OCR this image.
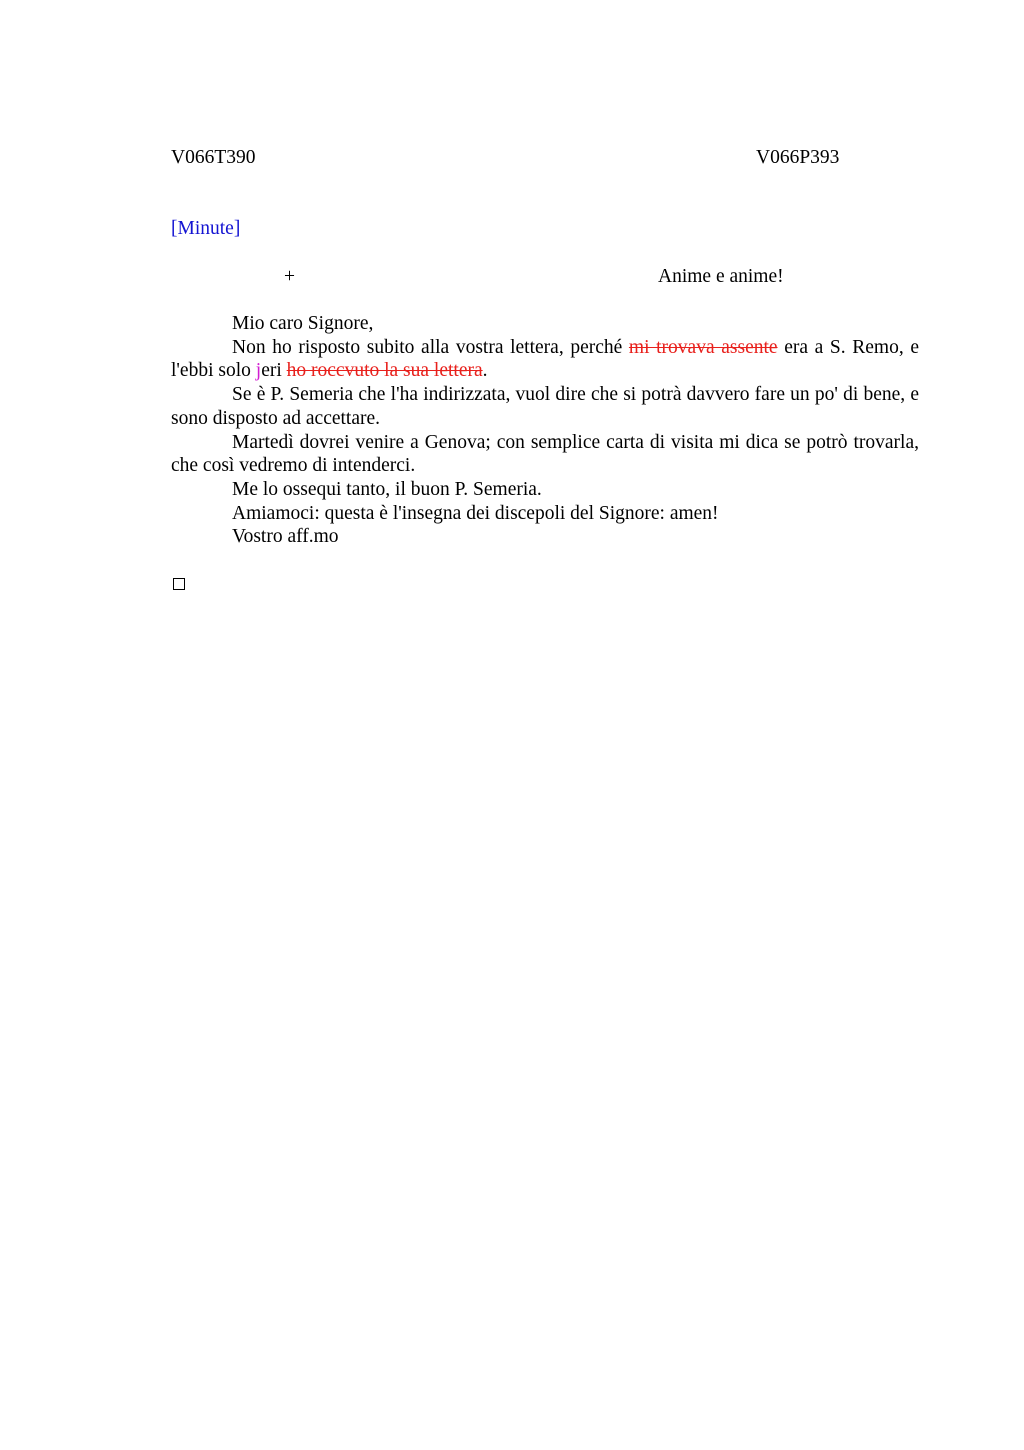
V066T390	V066P393
[Minute]
+	Anime e anime!

Mio caro Signore,

Non ho risposto subito alla vostra lettera, perché mi trovava assente era a S. Remo, e l'ebbi solo jeri ho roccvuto la sua lettera.

Se è P. Semeria che l'ha indirizzata, vuol dire che si potrà davvero fare un po' di bene, e sono disposto ad accettare.

Martedì dovrei venire a Genova; con semplice carta di visita mi dica se potrò trovarla, che così vedremo di intenderci.

Me lo ossequi tanto, il buon P. Semeria.

Amiamoci: questa è l'insegna dei discepoli del Signore: amen!

Vostro aff.mo
